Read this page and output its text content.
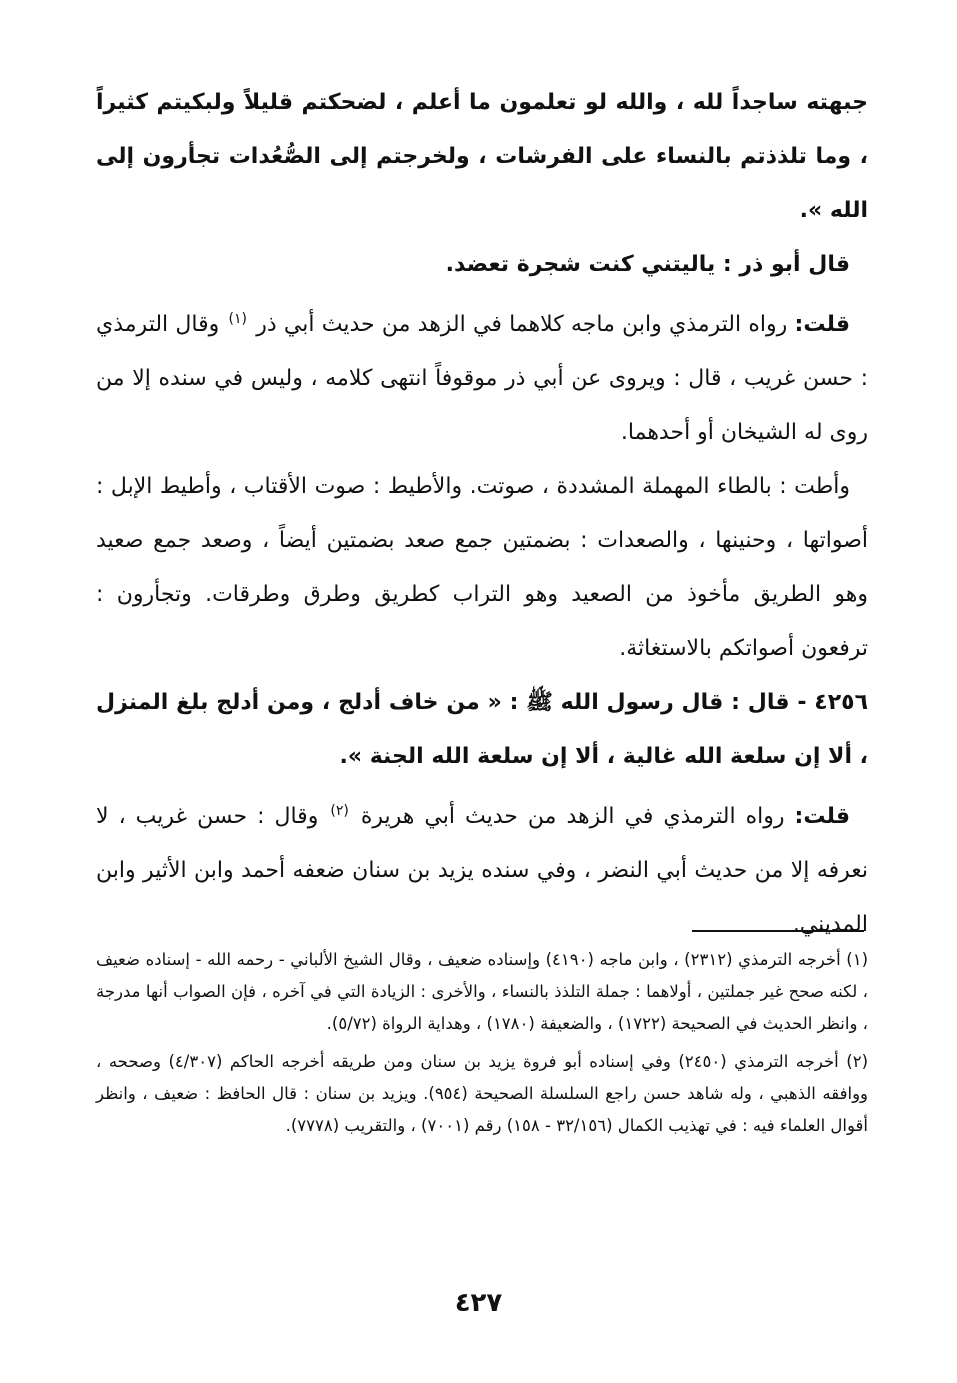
جبهته ساجداً لله ، والله لو تعلمون ما أعلم ، لضحكتم قليلاً ولبكيتم كثيراً ، وما تلذذتم بالنساء على الفرشات ، ولخرجتم إلى الصُّعُدات تجأرون إلى الله ».

قال أبو ذر : ياليتني كنت شجرة تعضد.

قلت: رواه الترمذي وابن ماجه كلاهما في الزهد من حديث أبي ذر $^{(١)}$ وقال الترمذي : حسن غريب ، قال : ويروى عن أبي ذر موقوفاً انتهى كلامه ، وليس في سنده إلا من روى له الشيخان أو أحدهما.

وأطت : بالطاء المهملة المشددة ، صوتت. والأطيط : صوت الأقتاب ، وأطيط الإبل : أصواتها ، وحنينها ، والصعدات : بضمتين جمع صعد بضمتين أيضاً ، وصعد جمع صعيد وهو الطريق مأخوذ من الصعيد وهو التراب كطريق وطرق وطرقات. وتجأرون : ترفعون أصواتكم بالاستغاثة.

٤٢٥٦ - قال : قال رسول الله ﷺ : « من خاف أدلج ، ومن أدلج بلغ المنزل ، ألا إن سلعة الله غالية ، ألا إن سلعة الله الجنة ».

قلت: رواه الترمذي في الزهد من حديث أبي هريرة $^{(٢)}$ وقال : حسن غريب ، لا نعرفه إلا من حديث أبي النضر ، وفي سنده يزيد بن سنان ضعفه أحمد وابن الأثير وابن المديني.

(١) أخرجه الترمذي (٢٣١٢) ، وابن ماجه (٤١٩٠) وإسناده ضعيف ، وقال الشيخ الألباني - رحمه الله - إسناده ضعيف ، لكنه صحح غير جملتين ، أولاهما : جملة التلذذ بالنساء ، والأخرى : الزيادة التي في آخره ، فإن الصواب أنها مدرجة ، وانظر الحديث في الصحيحة (١٧٢٢) ، والضعيفة (١٧٨٠) ، وهداية الرواة (٥/٧٢).

(٢) أخرجه الترمذي (٢٤٥٠) وفي إسناده أبو فروة يزيد بن سنان ومن طريقه أخرجه الحاكم (٤/٣٠٧) وصححه ، ووافقه الذهبي ، وله شاهد حسن راجع السلسلة الصحيحة (٩٥٤). ويزيد بن سنان : قال الحافظ : ضعيف ، وانظر أقوال العلماء فيه : في تهذيب الكمال (٣٢/١٥٦ - ١٥٨) رقم (٧٠٠١) ، والتقريب (٧٧٧٨).

٤٢٧
